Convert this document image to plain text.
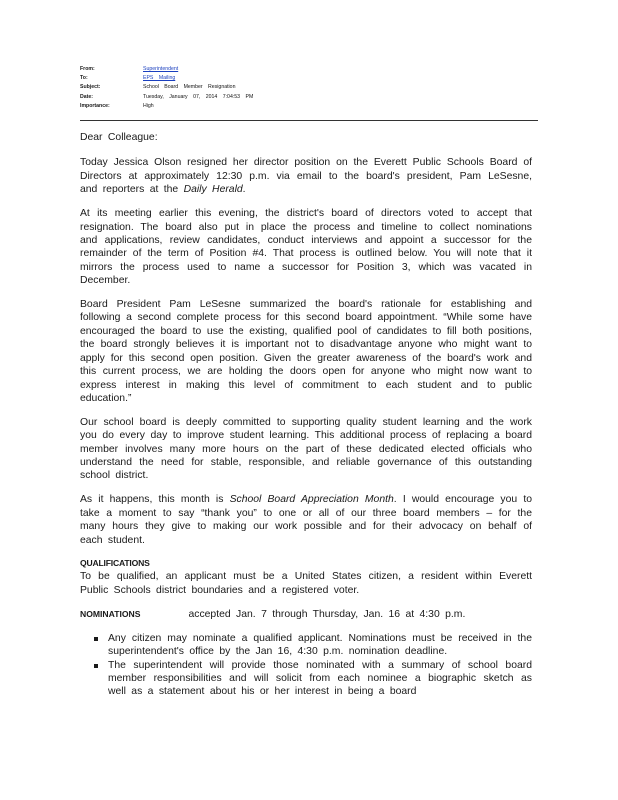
From:	Superintendent
To:	EPS Mailing
Subject:	School Board Member Resignation
Date:	Tuesday, January 07, 2014 7:04:53 PM
Importance:	High

Dear Colleague:

Today Jessica Olson resigned her director position on the Everett Public Schools Board of Directors at approximately 12:30 p.m. via email to the board's president, Pam LeSesne, and reporters at the Daily Herald.

At its meeting earlier this evening, the district's board of directors voted to accept that resignation. The board also put in place the process and timeline to collect nominations and applications, review candidates, conduct interviews and appoint a successor for the remainder of the term of Position #4. That process is outlined below. You will note that it mirrors the process used to name a successor for Position 3, which was vacated in December.

Board President Pam LeSesne summarized the board's rationale for establishing and following a second complete process for this second board appointment. “While some have encouraged the board to use the existing, qualified pool of candidates to fill both positions, the board strongly believes it is important not to disadvantage anyone who might want to apply for this second open position. Given the greater awareness of the board's work and this current process, we are holding the doors open for anyone who might now want to express interest in making this level of commitment to each student and to public education.”

Our school board is deeply committed to supporting quality student learning and the work you do every day to improve student learning. This additional process of replacing a board member involves many more hours on the part of these dedicated elected officials who understand the need for stable, responsible, and reliable governance of this outstanding school district.

As it happens, this month is School Board Appreciation Month. I would encourage you to take a moment to say “thank you” to one or all of our three board members – for the many hours they give to making our work possible and for their advocacy on behalf of each student.

QUALIFICATIONS

To be qualified, an applicant must be a United States citizen, a resident within Everett Public Schools district boundaries and a registered voter.

NOMINATIONS	accepted Jan. 7 through Thursday, Jan. 16 at 4:30 p.m.

Any citizen may nominate a qualified applicant. Nominations must be received in the superintendent's office by the Jan 16, 4:30 p.m. nomination deadline.
The superintendent will provide those nominated with a summary of school board member responsibilities and will solicit from each nominee a biographic sketch as well as a statement about his or her interest in being a board
